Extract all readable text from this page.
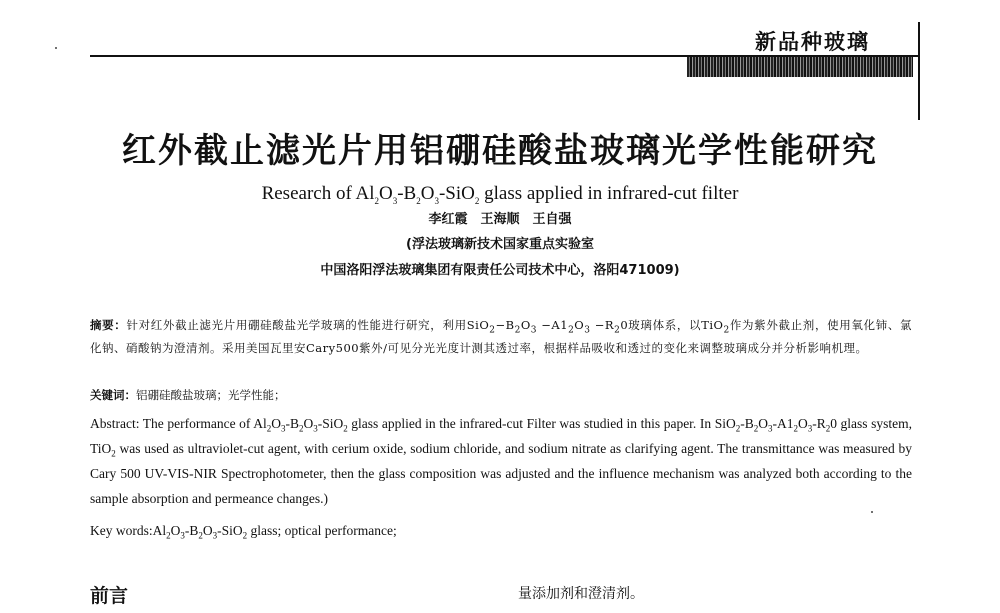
新品种玻璃
红外截止滤光片用铝硼硅酸盐玻璃光学性能研究
Research of $Al_2O_3-B_2O_3-SiO_2$ glass applied in infrared-cut filter
李红霞　王海顺　王自强
(浮法玻璃新技术国家重点实验室
中国洛阳浮法玻璃集团有限责任公司技术中心，洛阳471009)
摘要：针对红外截止滤光片用硼硅酸盐光学玻璃的性能进行研究，利用$SiO_2-B_2O_3 -A1_2O_3 -R_20$玻璃体系，以TiO$_2$作为紫外截止剂，使用氧化铈、氯化钠、硝酸钠为澄清剂。采用美国瓦里安Cary500紫外/可见分光光度计测其透过率，根据样品吸收和透过的变化来调整玻璃成分并分析影响机理。
关键词：铝硼硅酸盐玻璃；光学性能；
Abstract: The performance of $Al_2O_3-B_2O_3-SiO_2$ glass applied in the infrared-cut Filter was studied in this paper. In $SiO_2-B_2O_3-A1_2O_3-R_20$ glass system, TiO$_2$ was used as ultraviolet-cut agent, with cerium oxide, sodium chloride, and sodium nitrate as clarifying agent. The transmittance was measured by Cary 500 UV-VIS-NIR Spectrophotometer, then the glass composition was adjusted and the influence mechanism was analyzed both according to the sample absorption and permeance changes.)
Key $words:Al_2O_3-B_2O_3-SiO_2$ glass; optical performance;
前言	量添加剂和澄清剂。
